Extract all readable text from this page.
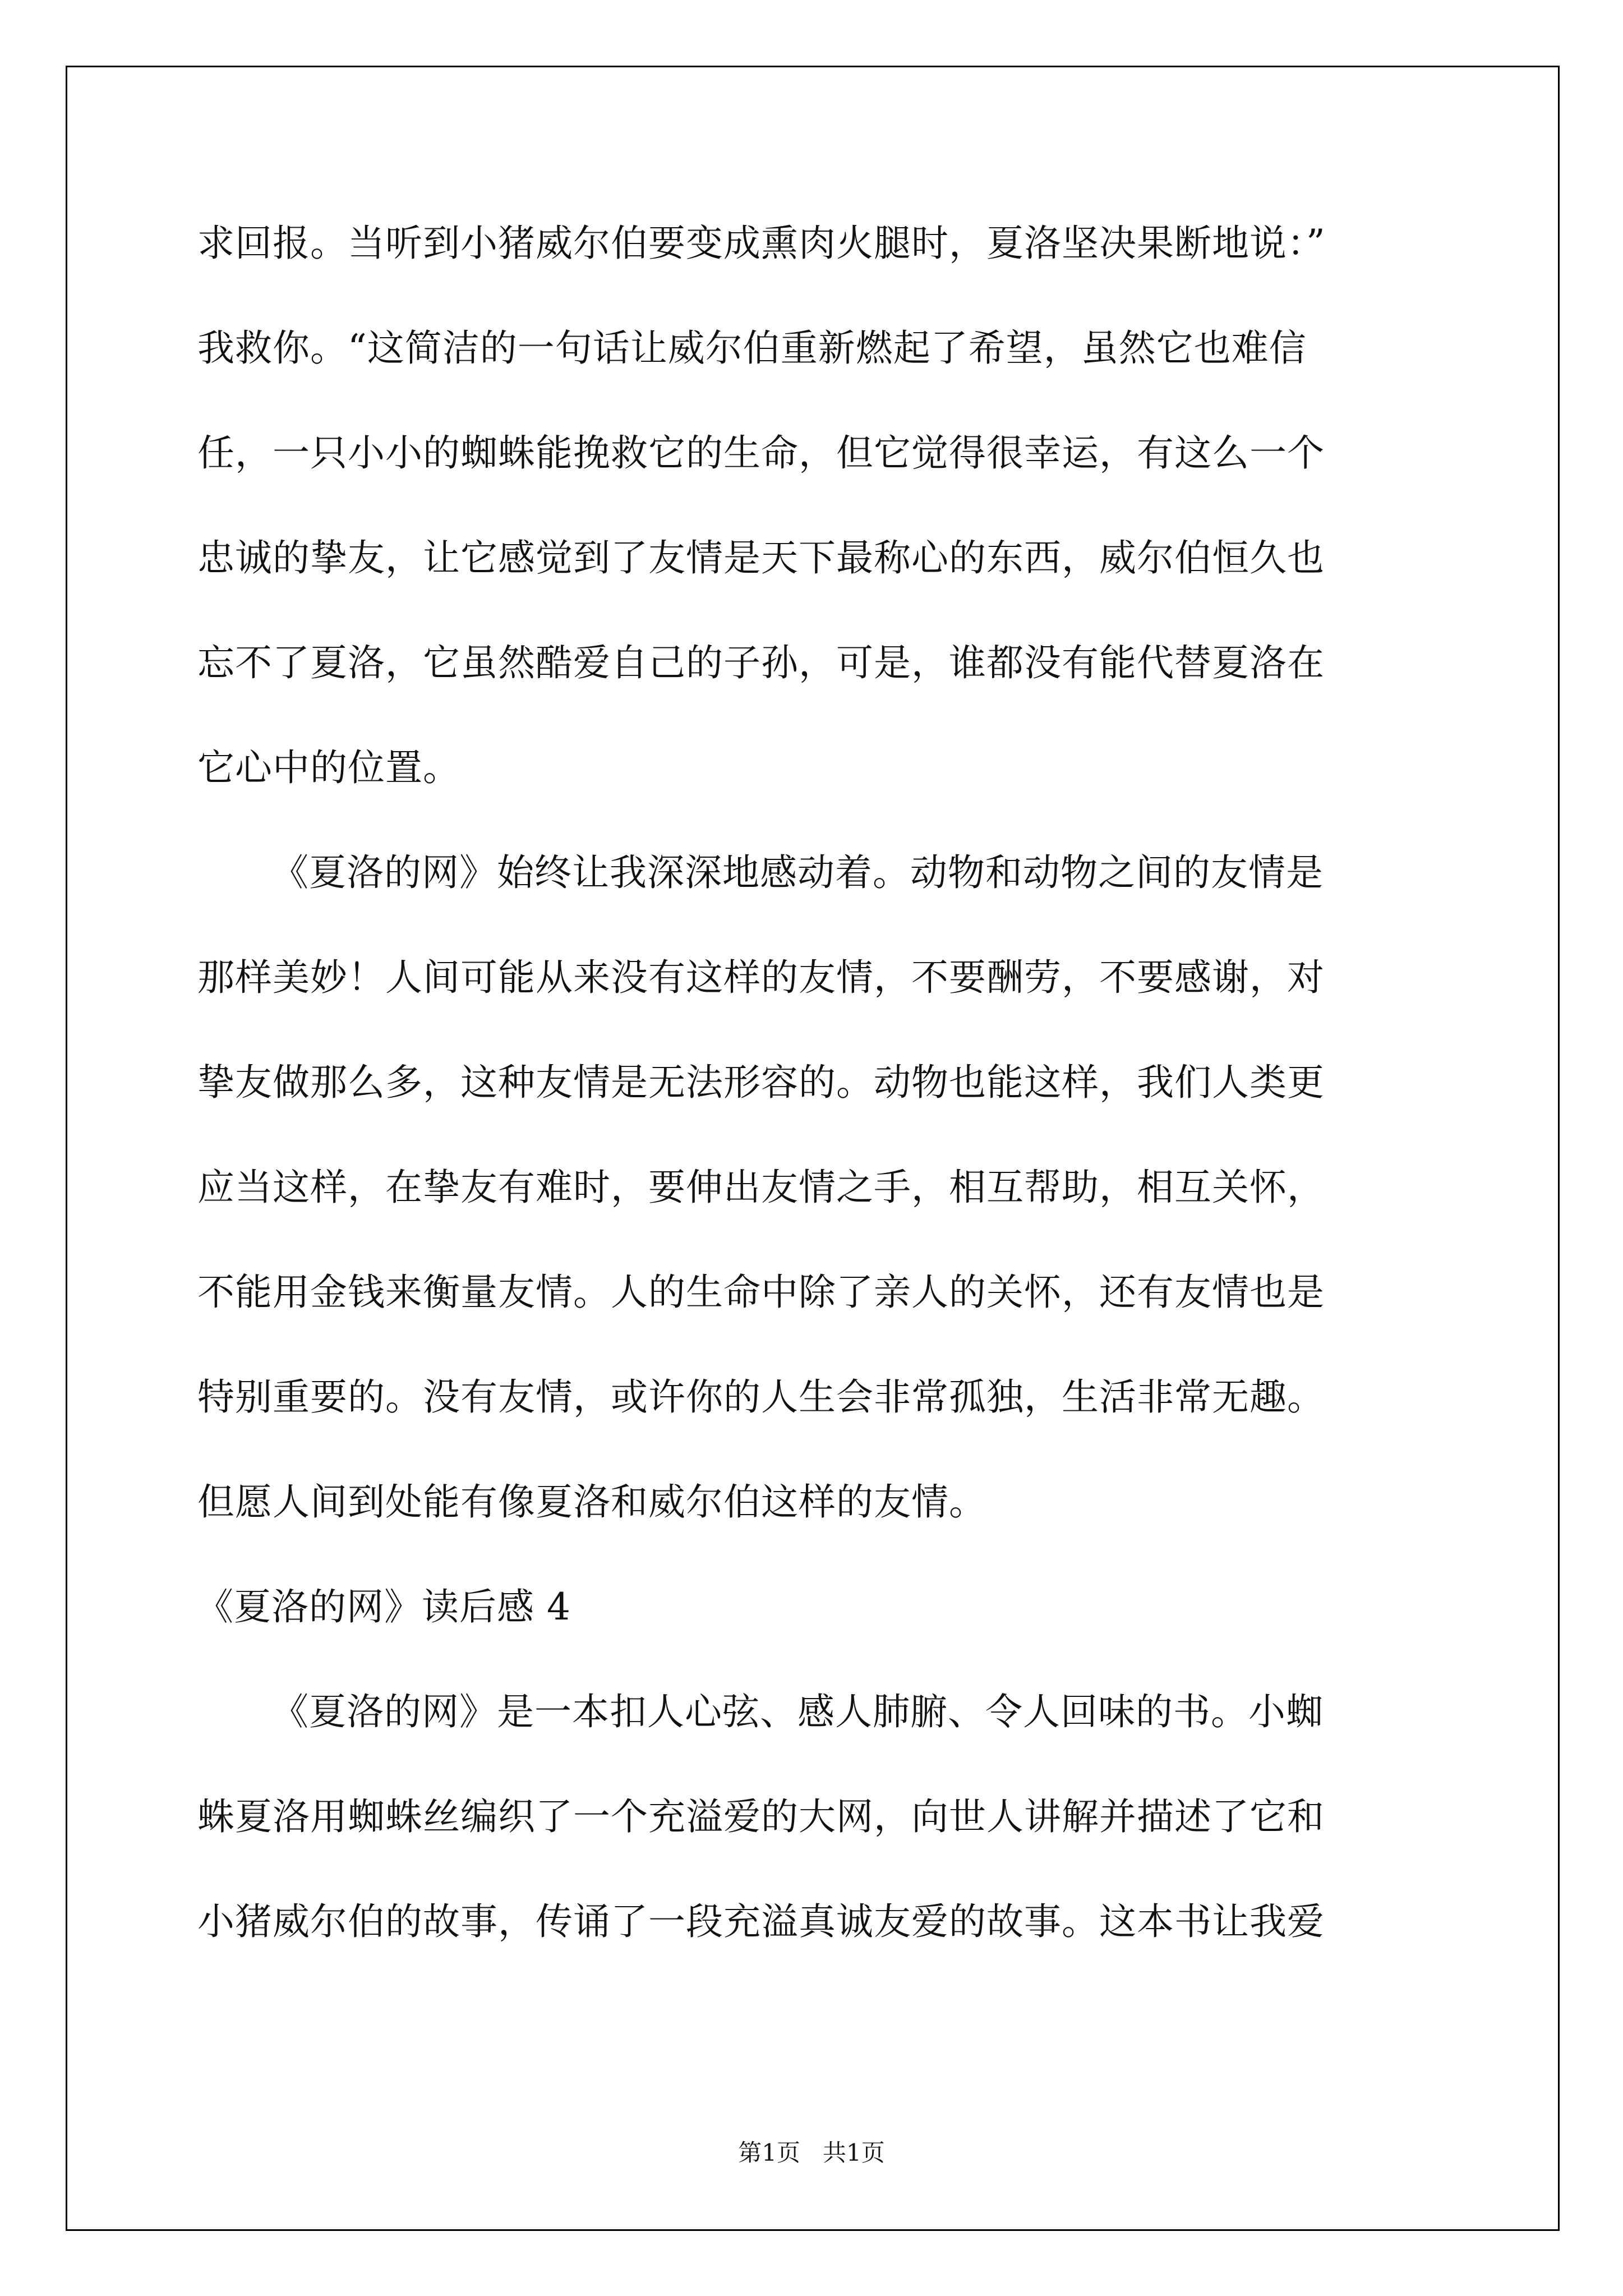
求回报。当听到小猪威尔伯要变成熏肉火腿时，夏洛坚决果断地说：”
我救你。“这简洁的一句话让威尔伯重新燃起了希望，虽然它也难信
任，一只小小的蜘蛛能挽救它的生命，但它觉得很幸运，有这么一个
忠诚的挚友，让它感觉到了友情是天下最称心的东西，威尔伯恒久也
忘不了夏洛，它虽然酷爱自己的子孙，可是，谁都没有能代替夏洛在
它心中的位置。
《夏洛的网》始终让我深深地感动着。动物和动物之间的友情是
那样美妙！人间可能从来没有这样的友情，不要酬劳，不要感谢，对
挚友做那么多，这种友情是无法形容的。动物也能这样，我们人类更
应当这样，在挚友有难时，要伸出友情之手，相互帮助，相互关怀，
不能用金钱来衡量友情。人的生命中除了亲人的关怀，还有友情也是
特别重要的。没有友情，或许你的人生会非常孤独，生活非常无趣。
但愿人间到处能有像夏洛和威尔伯这样的友情。
《夏洛的网》读后感 4
《夏洛的网》是一本扣人心弦、感人肺腑、令人回味的书。小蜘
蛛夏洛用蜘蛛丝编织了一个充溢爱的大网，向世人讲解并描述了它和
小猪威尔伯的故事，传诵了一段充溢真诚友爱的故事。这本书让我爱
第1页   共1页
